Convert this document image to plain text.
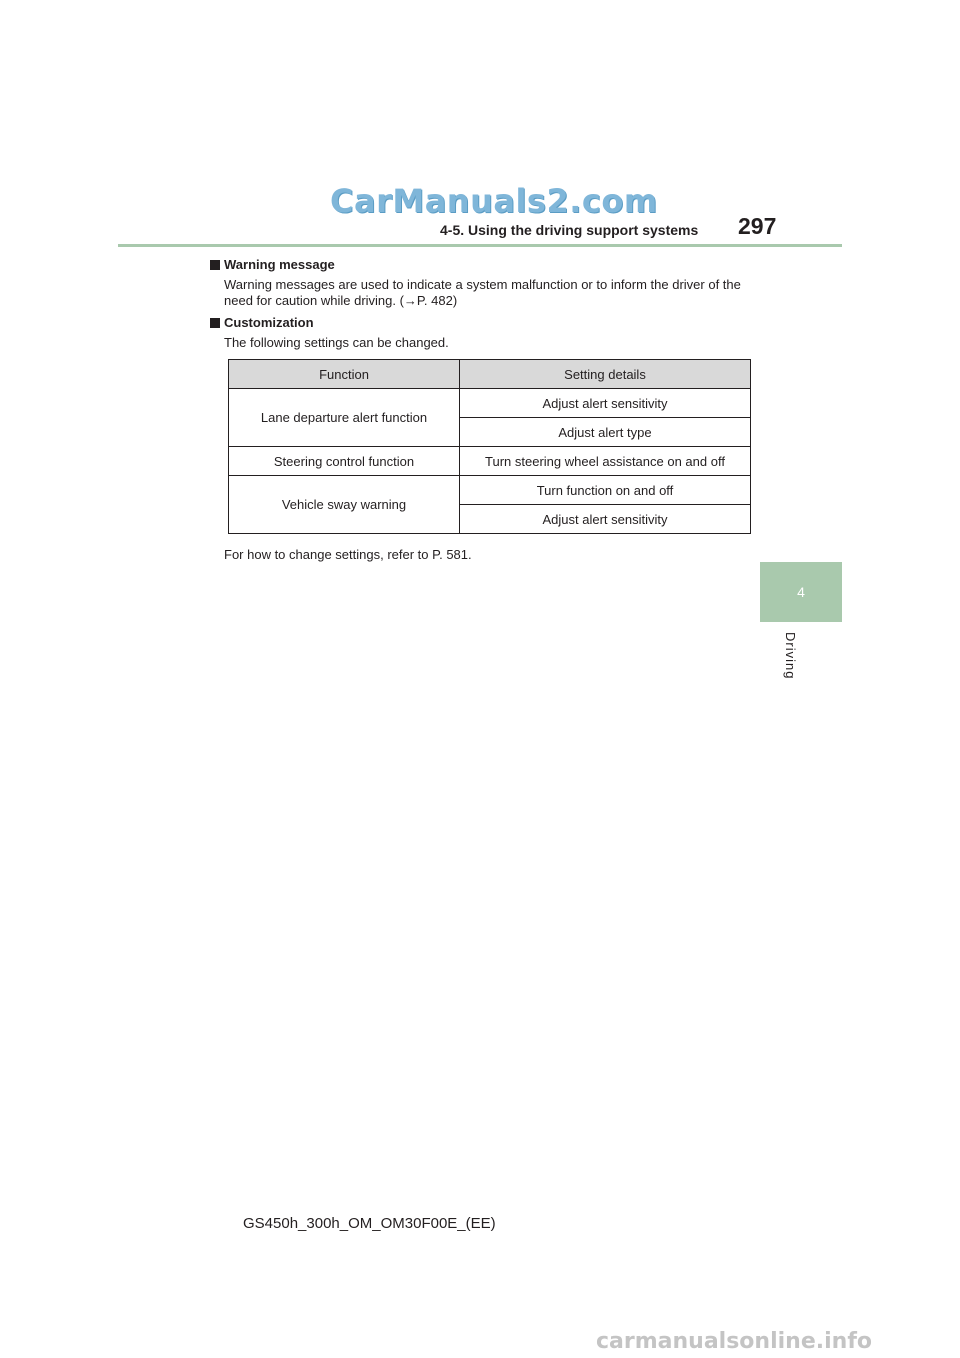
CarManuals2.com
4-5. Using the driving support systems 297
4
Driving
Warning message
Warning messages are used to indicate a system malfunction or to inform the driver of the need for caution while driving. (→P. 482)
Customization
The following settings can be changed.
Function	Setting details
Lane departure alert function	Adjust alert sensitivity
	Adjust alert type
Steering control function	Turn steering wheel assistance on and off
Vehicle sway warning	Turn function on and off
	Adjust alert sensitivity
For how to change settings, refer to P. 581.
GS450h_300h_OM_OM30F00E_(EE)
carmanualsonline.info
